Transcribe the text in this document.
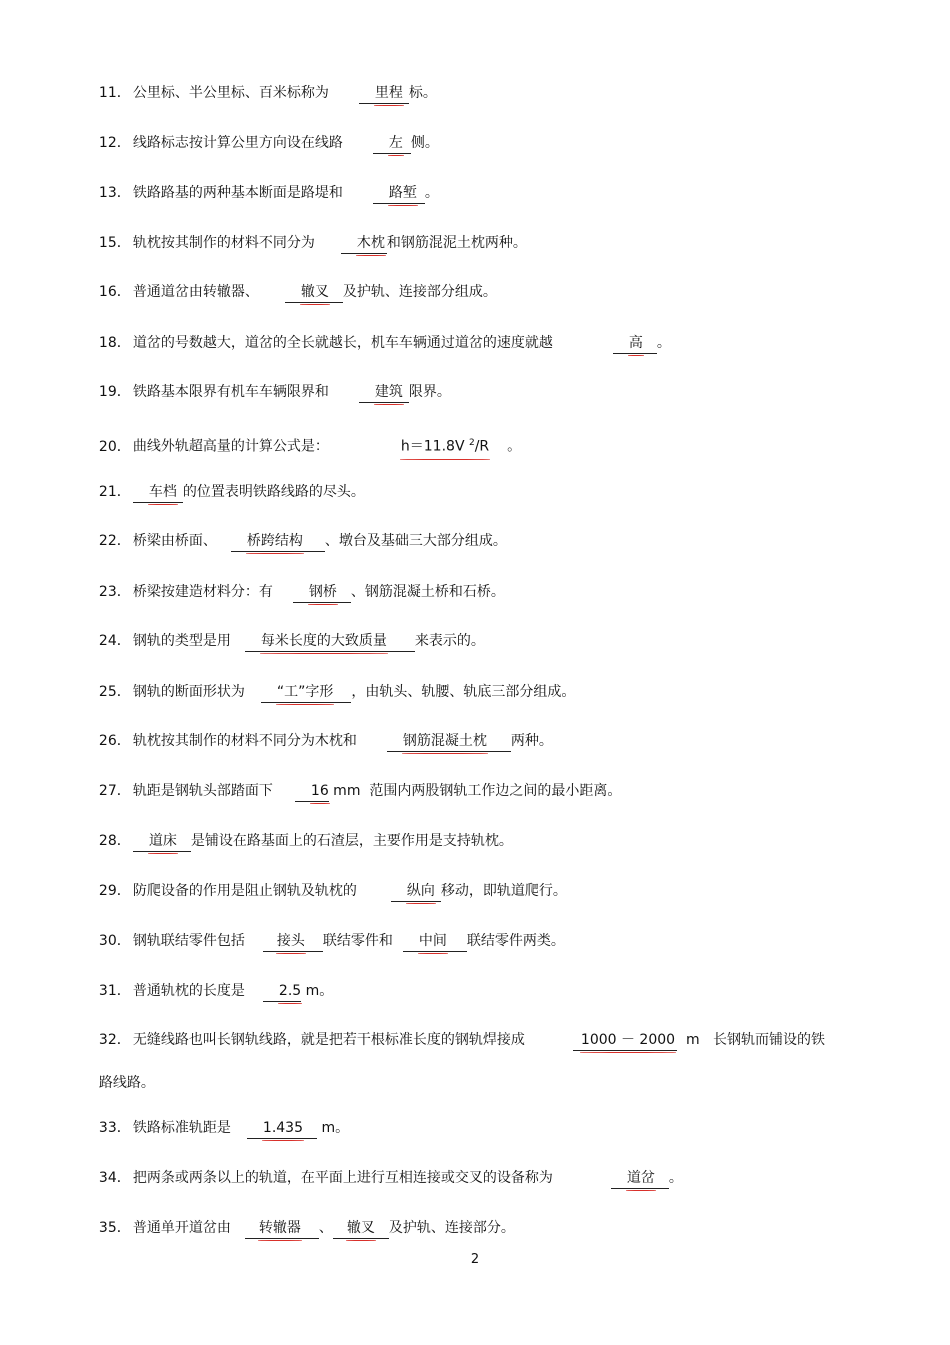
11． 公里标、半公里标、百米标称为	里程 标。

12． 线路标志按计算公里方向设在线路	左 侧。

13． 铁路路基的两种基本断面是路堤和	路堑 。

15． 轨枕按其制作的材料不同分为	木枕 和钢筋混泥土枕两种。

16． 普通道岔由转辙器、	辙叉 及护轨、连接部分组成。

18． 道岔的号数越大，道岔的全长就越长，机车车辆通过道岔的速度就越	高 。

19． 铁路基本限界有机车车辆限界和	建筑 限界。

20． 曲线外轨超高量的计算公式是：	h＝11.8V $^2$/R 。

21． 车档 的位置表明铁路线路的尽头。

22． 桥梁由桥面、 桥跨结构 、墩台及基础三大部分组成。

23． 桥梁按建造材料分：有	钢桥 、钢筋混凝土桥和石桥。

24． 钢轨的类型是用 每米长度的大致质量 来表示的。

25． 钢轨的断面形状为 “工”字形 ，由轨头、轨腰、轨底三部分组成。

26． 轨枕按其制作的材料不同分为木枕和	钢筋混凝土枕 两种。

27． 轨距是钢轨头部踏面下	16 mm  范围内两股钢轨工作边之间的最小距离。

28． 道床 是铺设在路基面上的石渣层，主要作用是支持轨枕。

29． 防爬设备的作用是阻止钢轨及轨枕的	纵向 移动，即轨道爬行。

30． 钢轨联结零件包括 接头 联结零件和 中间 联结零件两类。

31． 普通轨枕的长度是 2.5 m。

32． 无缝线路也叫长钢轨线路，就是把若干根标准长度的钢轨焊接成	1000 － 2000  m   长钢轨而铺设的铁

路线路。

33． 铁路标准轨距是 1.435 m。

34． 把两条或两条以上的轨道，在平面上进行互相连接或交叉的设备称为	道岔 。

35． 普通单开道岔由 转辙器 、 辙叉 及护轨、连接部分。

2
